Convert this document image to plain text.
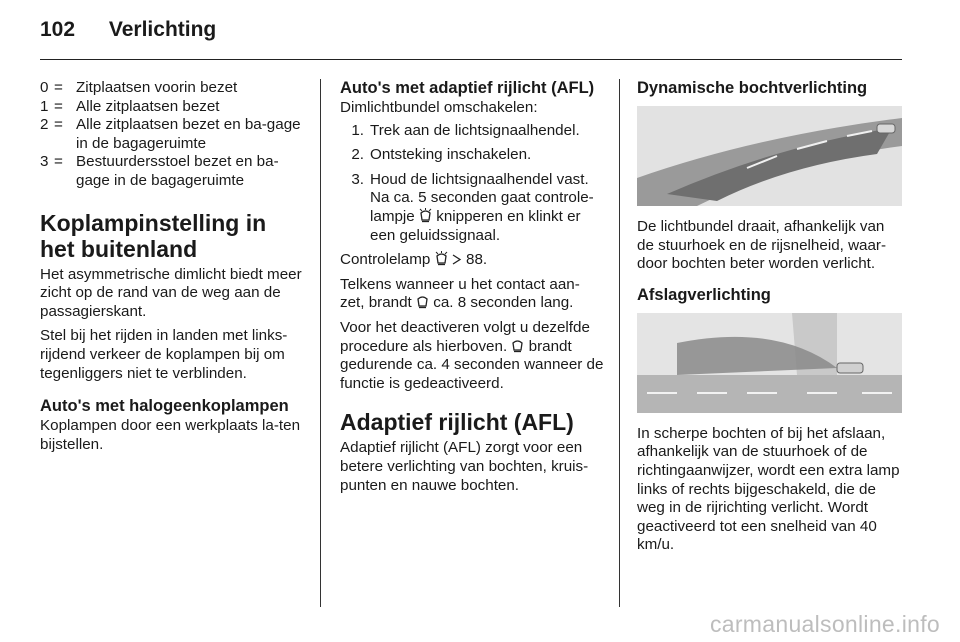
102 Verlichting
0 = Zitplaatsen voorin bezet
1 = Alle zitplaatsen bezet
2 = Alle zitplaatsen bezet en ba-gage in de bagageruimte
3 = Bestuurdersstoel bezet en ba-gage in de bagageruimte
Koplampinstelling in het buitenland

Het asymmetrische dimlicht biedt meer zicht op de rand van de weg aan de passagierskant.

Stel bij het rijden in landen met links-rijdend verkeer de koplampen bij om tegenliggers niet te verblinden.

Auto's met halogeenkoplampen

Koplampen door een werkplaats la-ten bijstellen.

Auto's met adaptief rijlicht (AFL)

Dimlichtbundel omschakelen:

1. Trek aan de lichtsignaalhendel.
2. Ontsteking inschakelen.
3. Houd de lichtsignaalhendel vast. Na ca. 5 seconden gaat controle-lampje knipperen en klinkt er een geluidssignaal.

Controlelamp 88.

Telkens wanneer u het contact aan-zet, brandt ca. 8 seconden lang.

Voor het deactiveren volgt u dezelfde procedure als hierboven. brandt gedurende ca. 4 seconden wanneer de functie is gedeactiveerd.

Adaptief rijlicht (AFL)

Adaptief rijlicht (AFL) zorgt voor een betere verlichting van bochten, kruis-punten en nauwe bochten.

Dynamische bochtverlichting

De lichtbundel draait, afhankelijk van de stuurhoek en de rijsnelheid, waar-door bochten beter worden verlicht.

Afslagverlichting

In scherpe bochten of bij het afslaan, afhankelijk van de stuurhoek of de richtingaanwijzer, wordt een extra lamp links of rechts bijgeschakeld, die de weg in de rijrichting verlicht. Wordt geactiveerd tot een snelheid van 40 km/u.

carmanualsonline.info
